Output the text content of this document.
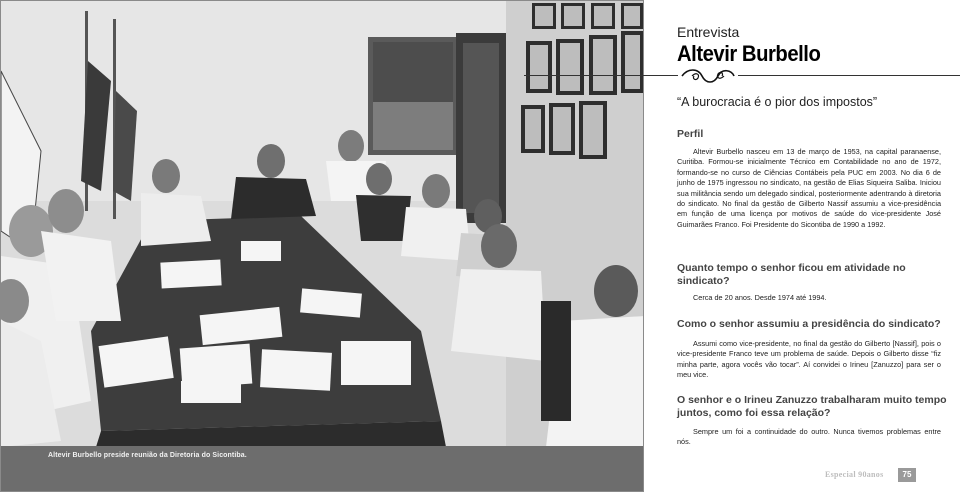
Altevir Burbello preside reunião da Diretoria do Sicontiba.
Entrevista
Altevir Burbello
“A burocracia é o pior dos impostos”
Perfil
Altevir Burbello nasceu em 13 de março de 1953, na capital paranaense, Curitiba. Formou-se inicialmente Técnico em Contabilidade no ano de 1972, formando-se no curso de Ciências Contábeis pela PUC em 2003. No dia 6 de junho de 1975 ingressou no sindicato, na gestão de Elias Siqueira Saliba. Iniciou sua militância sendo um delegado sindical, posteriormente adentrando à diretoria do sindicato. No final da gestão de Gilberto Nassif assumiu a vice-presidência em função de uma licença por motivos de saúde do vice-presidente José Guimarães Franco. Foi Presidente do Sicontiba de 1990 a 1992.
Quanto tempo o senhor ficou em atividade no sindicato?
Cerca de 20 anos. Desde 1974 até 1994.
Como o senhor assumiu a presidência do sindicato?
Assumi como vice-presidente, no final da gestão do Gilberto [Nassif], pois o vice-presidente Franco teve um problema de saúde. Depois o Gilberto disse “fiz minha parte, agora vocês vão tocar”. Aí convidei o Irineu [Zanuzzo] para ser o meu vice.
O senhor e o Irineu Zanuzzo trabalharam muito tempo juntos, como foi essa relação?
Sempre um foi a continuidade do outro. Nunca tivemos problemas entre nós.
Especial 90anos	75
